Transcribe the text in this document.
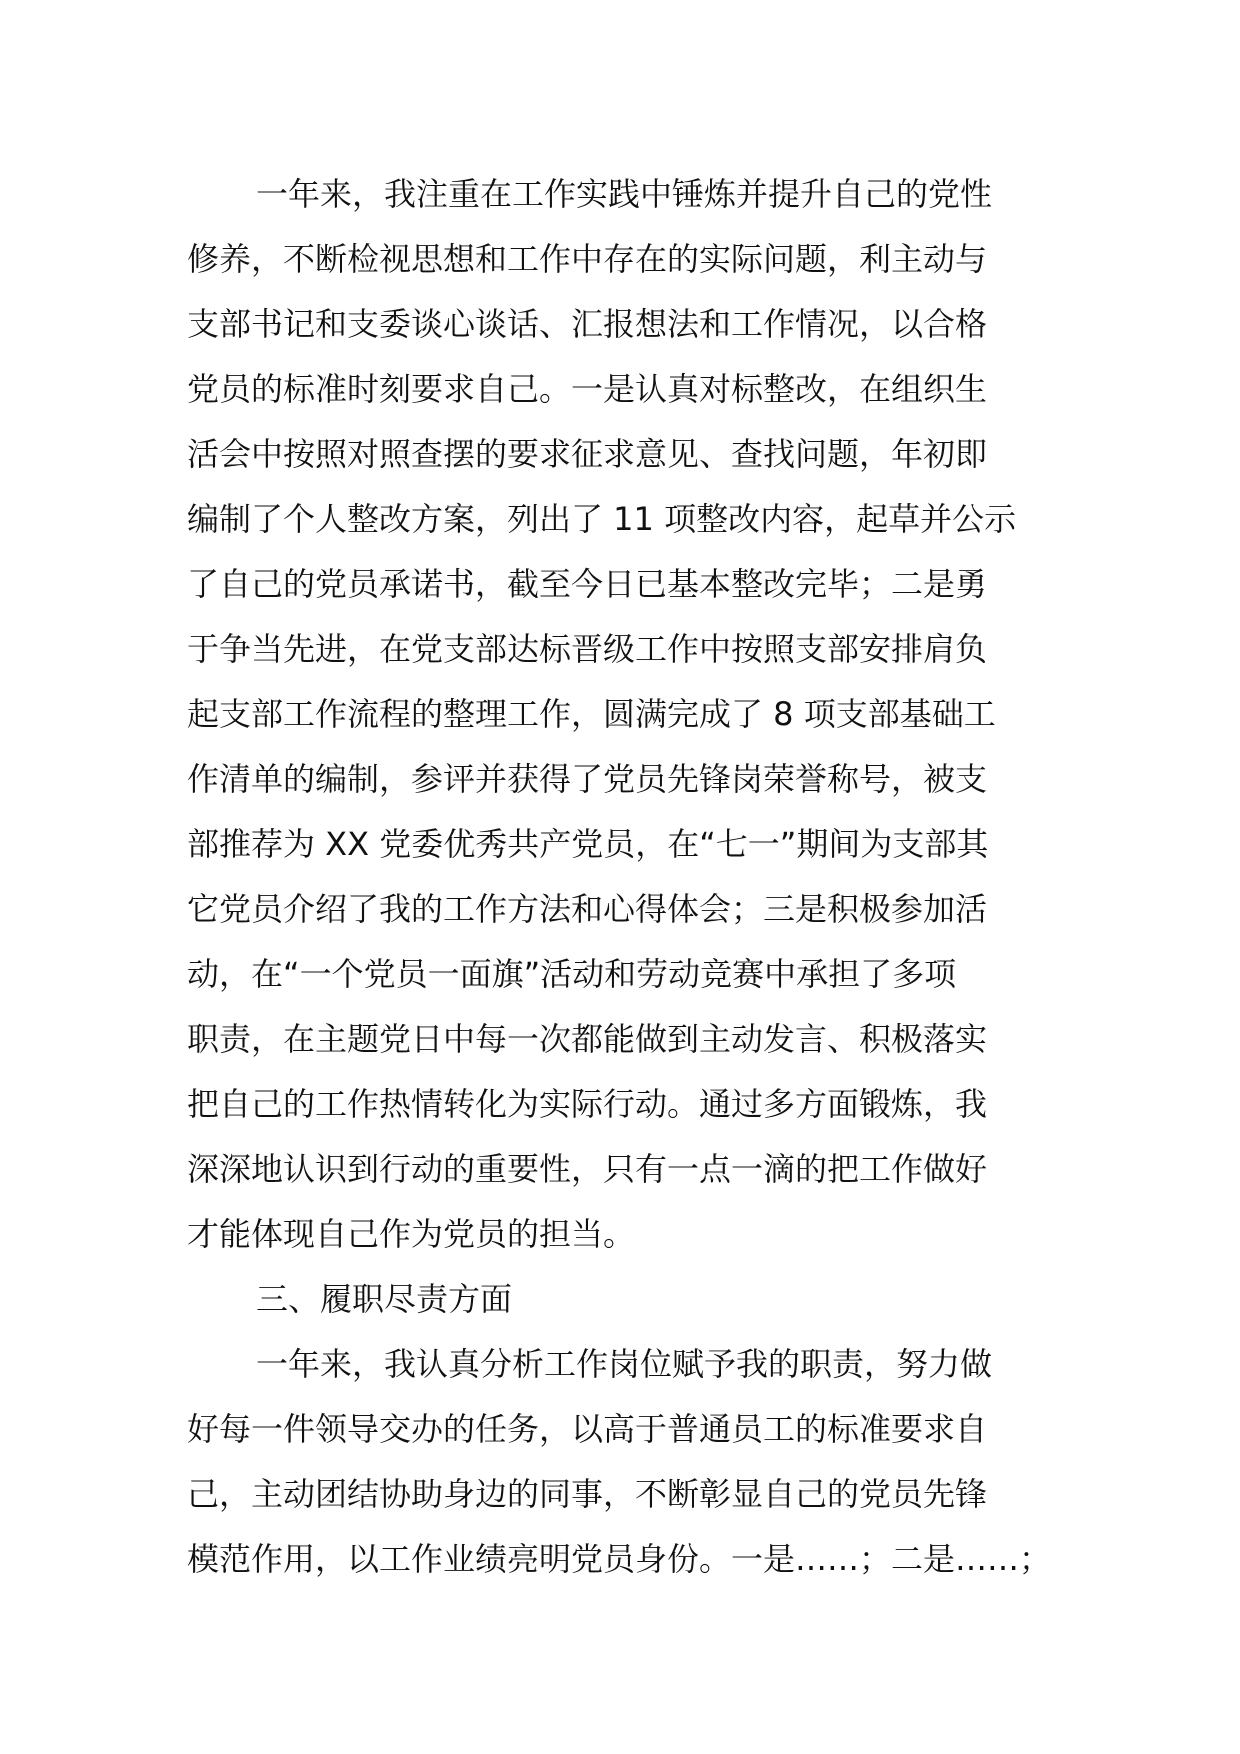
一年来，我注重在工作实践中锤炼并提升自己的党性
修养，不断检视思想和工作中存在的实际问题，利主动与
支部书记和支委谈心谈话、汇报想法和工作情况，以合格
党员的标准时刻要求自己。一是认真对标整改，在组织生
活会中按照对照查摆的要求征求意见、查找问题，年初即
编制了个人整改方案，列出了 11 项整改内容，起草并公示
了自己的党员承诺书，截至今日已基本整改完毕；二是勇
于争当先进，在党支部达标晋级工作中按照支部安排肩负
起支部工作流程的整理工作，圆满完成了 8 项支部基础工
作清单的编制，参评并获得了党员先锋岗荣誉称号，被支
部推荐为 XX 党委优秀共产党员，在“七一”期间为支部其
它党员介绍了我的工作方法和心得体会；三是积极参加活
动，在“一个党员一面旗”活动和劳动竞赛中承担了多项
职责，在主题党日中每一次都能做到主动发言、积极落实
把自己的工作热情转化为实际行动。通过多方面锻炼，我
深深地认识到行动的重要性，只有一点一滴的把工作做好
才能体现自己作为党员的担当。
三、履职尽责方面
一年来，我认真分析工作岗位赋予我的职责，努力做
好每一件领导交办的任务，以高于普通员工的标准要求自
己，主动团结协助身边的同事，不断彰显自己的党员先锋
模范作用，以工作业绩亮明党员身份。一是……；二是……；
